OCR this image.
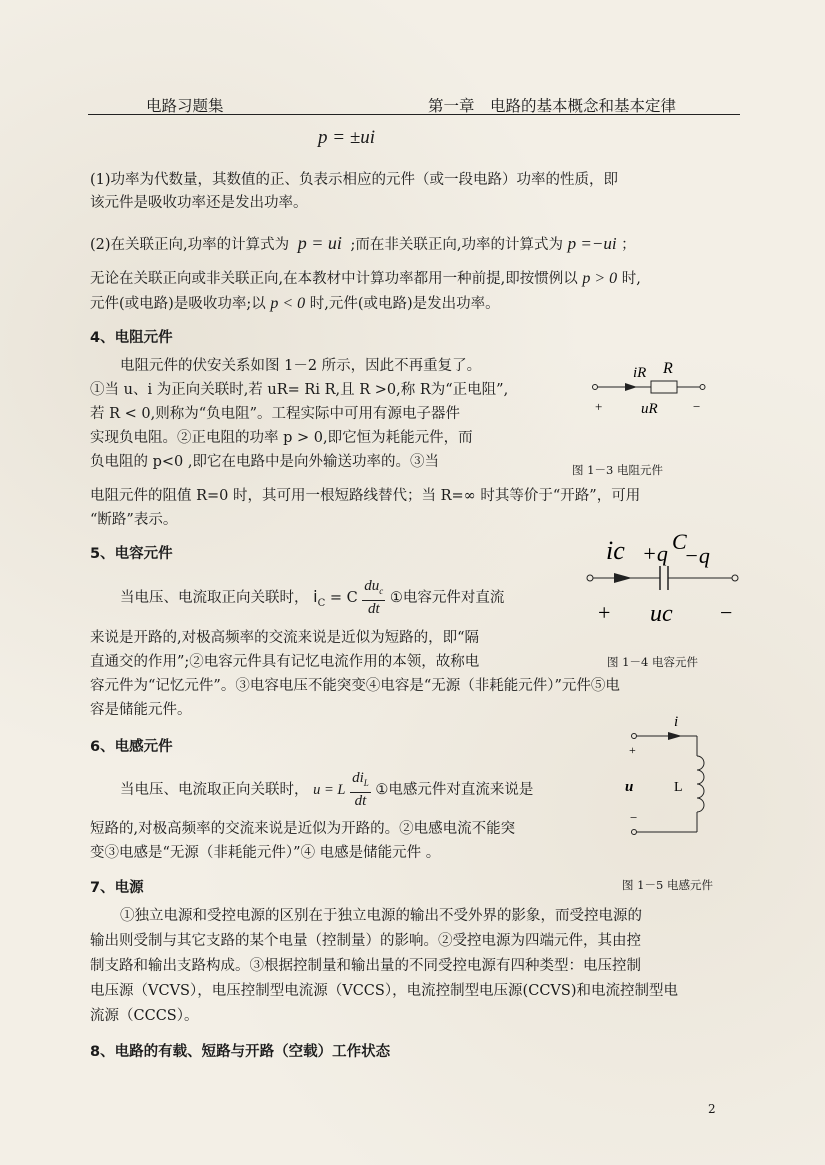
电路习题集	第一章　电路的基本概念和基本定律
p = ±ui
(1)功率为代数量，其数值的正、负表示相应的元件（或一段电路）功率的性质，即
该元件是吸收功率还是发出功率。
(2)在关联正向,功率的计算式为 p = ui ;而在非关联正向,功率的计算式为 p =−ui ；
无论在关联正向或非关联正向,在本教材中计算功率都用一种前提,即按惯例以 p > 0 时,
元件(或电路)是吸收功率;以 p < 0 时,元件(或电路)是发出功率。
4、电阻元件
电阻元件的伏安关系如图 1－2 所示，因此不再重复了。
①当 u、i 为正向关联时,若 uR= Ri R,且 R >0,称 R为“正电阻”,
若 R < 0,则称为“负电阻”。工程实际中可用有源电子器件
实现负电阻。②正电阻的功率 p > 0,即它恒为耗能元件，而
负电阻的 p<0 ,即它在电路中是向外输送功率的。③当
电阻元件的阻值 R=0 时，其可用一根短路线替代；当 R=∞ 时其等价于“开路”，可用
“断路”表示。
iR R
+	uR	−
图 1－3 电阻元件
5、电容元件
当电压、电流取正向关联时， $i_C = C \frac{du_c}{dt}$ ①电容元件对直流
来说是开路的,对极高频率的交流来说是近似为短路的，即“隔
直通交的作用”;②电容元件具有记忆电流作用的本领，故称电
容元件为“记忆元件”。③电容电压不能突变④电容是“无源（非耗能元件）”元件⑤电
容是储能元件。
ic +q C
−q
+ uc −
图 1－4 电容元件
6、电感元件
当电压、电流取正向关联时， u = L $\frac{di_L}{dt}$ ①电感元件对直流来说是
短路的,对极高频率的交流来说是近似为开路的。②电感电流不能突
变③电感是“无源（非耗能元件）”④ 电感是储能元件 。
i
+
u	L
−
7、电源	图 1－5 电感元件
①独立电源和受控电源的区别在于独立电源的输出不受外界的影象，而受控电源的
输出则受制与其它支路的某个电量（控制量）的影响。②受控电源为四端元件，其由控
制支路和输出支路构成。③根据控制量和输出量的不同受控电源有四种类型：电压控制
电压源（VCVS），电压控制型电流源（VCCS），电流控制型电压源(CCVS)和电流控制型电
流源（CCCS）。
8、电路的有载、短路与开路（空载）工作状态
2
